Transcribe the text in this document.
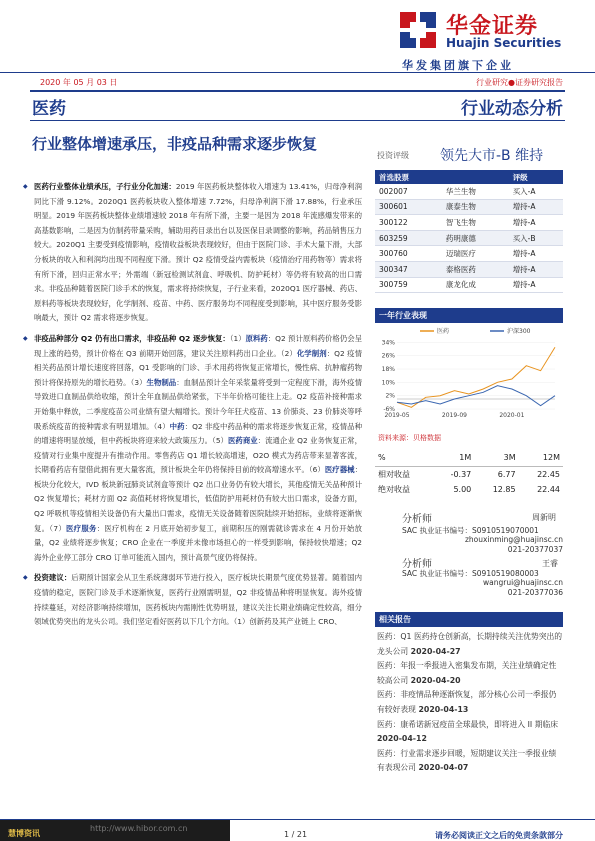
华金证券
Huajin Securities
华发集团旗下企业
2020 年 05 月 03 日	行业研究●证券研究报告
医药	行业动态分析
行业整体增速承压，非疫品种需求逐步恢复

◆ 医药行业整体业绩承压，子行业分化加速：2019 年医药板块整体收入增速为 13.41%，归母净利润同比下滑 9.12%。2020Q1 医药板块收入整体增速 7.72%，归母净利润下滑 17.88%，行业承压明显。2019 年医药板块整体业绩增速较 2018 年有所下滑，主要一是因为 2018 年流感爆发带来的高基数影响，二是因为仿制药带量采购，辅助用药目录出台以及医保目录调整的影响，药品销售压力较大。2020Q1 主要受到疫情影响，疫情收益板块表现较好，但由于医院门诊、手术大量下滑，大部分板块的收入和利润均出现不同程度下滑。预计 Q2 疫情受益内需板块（疫情治疗用药物等）需求将有所下滑，回归正常水平；外需端（新冠检测试剂盒、呼吸机、防护耗材）等仍将有较高的出口需求。非疫品种随着医院门诊手术的恢复，需求将持续恢复，子行业来看，2020Q1 医疗器械、药店、原料药等板块表现较好，化学制剂、疫苗、中药、医疗服务均不同程度受到影响，其中医疗服务受影响最大，预计 Q2 需求将逐步恢复。

◆ 非疫品种部分 Q2 仍有出口需求，非疫品种 Q2 逐步恢复：（1）原料药：Q2 预计原料药价格仍会呈现上涨的趋势，预计价格在 Q3 前期开始回落，建议关注原料药出口企业。（2）化学制剂：Q2 疫情相关药品预计增长速度将回落，Q1 受影响的门诊、手术用药将恢复正常增长，慢性病、抗肿瘤药物预计将保持原先的增长趋势。（3）生物制品：血制品预计全年采浆量将受到一定程度下滑，海外疫情导致进口血制品供给收缩，预计全年血制品供给紧张，下半年价格可能往上走。Q2 疫苗补接种需求开始集中释放，二季度疫苗公司业绩有望大幅增长。预计今年狂犬疫苗、13 价肺炎、23 价肺炎等呼吸系统疫苗的接种需求有明显增加。（4）中药：Q2 非疫中药品种的需求将逐步恢复正常，疫情品种的增速将明显放缓，但中药板块将迎来较大政策压力。（5）医药商业：流通企业 Q2 业务恢复正常，疫情对行业集中度提升有推动作用。零售药店 Q1 增长较高增速，O2O 模式为药店带来显著客流，长期看药店有望借此拥有更大量客流，预计板块全年仍将保持目前的较高增速水平。（6）医疗器械：板块分化较大，IVD 板块新冠肺炎试剂盒等预计 Q2 出口业务仍有较大增长，其他疫情无关品种预计 Q2 恢复增长；耗材方面 Q2 高值耗材将恢复增长，低值防护用耗材仍有较大出口需求，设备方面，Q2 呼吸机等疫情相关设备仍有大量出口需求，疫情无关设备随着医院陆续开始招标，业绩将逐渐恢复。（7）医疗服务：医疗机构在 2 月底开始初步复工，前期积压的刚需就诊需求在 4 月份开始放量，Q2 业绩将逐步恢复；CRO 企业在一季度并未像市场担心的一样受到影响，保持较快增速；Q2 海外企业停工部分 CRO 订单可能流入国内，预计高景气度仍将保持。

◆ 投资建议：后期预计国家会从卫生系统薄弱环节进行投入，医疗板块长期景气度优势显著。随着国内疫情的稳定，医院门诊及手术逐渐恢复，医药行业刚需明显，Q2 非疫情品种将明显恢复。海外疫情持续蔓延，对经济影响持续增加，医药板块内需刚性优势明显，建议关注长期业绩确定性较高，细分领域优势突出的龙头公司。我们坚定看好医药以下几个方向。（1）创新药及其产业链上 CRO、

投资评级 领先大市-B 维持
首选股票		评级
002007	华兰生物	买入-A
300601	康泰生物	增持-A
300122	智飞生物	增持-A
603259	药明康德	买入-B
300760	迈瑞医疗	增持-A
300347	泰格医药	增持-A
300759	康龙化成	增持-A
一年行业表现
34%
26%
18%
10%
2%
-6%
2019-05	2019-09	2020-01
医药	沪深300
资料来源：贝格数据
%	1M	3M	12M
相对收益	-0.37	6.77	22.45
绝对收益	5.00	12.85	22.44
分析师	周新明
SAC 执业证书编号：S0910519070001
zhouxinming@huajinsc.cn
021-20377037
分析师	王睿
SAC 执业证书编号：S0910519080003
wangrui@huajinsc.cn
021-20377036
相关报告
医药：Q1 医药持仓创新高，长期持续关注优势突出的龙头公司 2020-04-27
医药：年报一季报进入密集发布期，关注业绩确定性较高公司 2020-04-20
医药：非疫情品种逐渐恢复，部分核心公司一季报仍有较好表现 2020-04-13
医药：康希诺新冠疫苗全球最快，即将进入 II 期临床 2020-04-12
医药：行业需求逐步回暖，短期建议关注一季报业绩有表现公司 2020-04-07
慧博资讯
http://www.hibor.com.cn
1 / 21	请务必阅读正文之后的免责条款部分
